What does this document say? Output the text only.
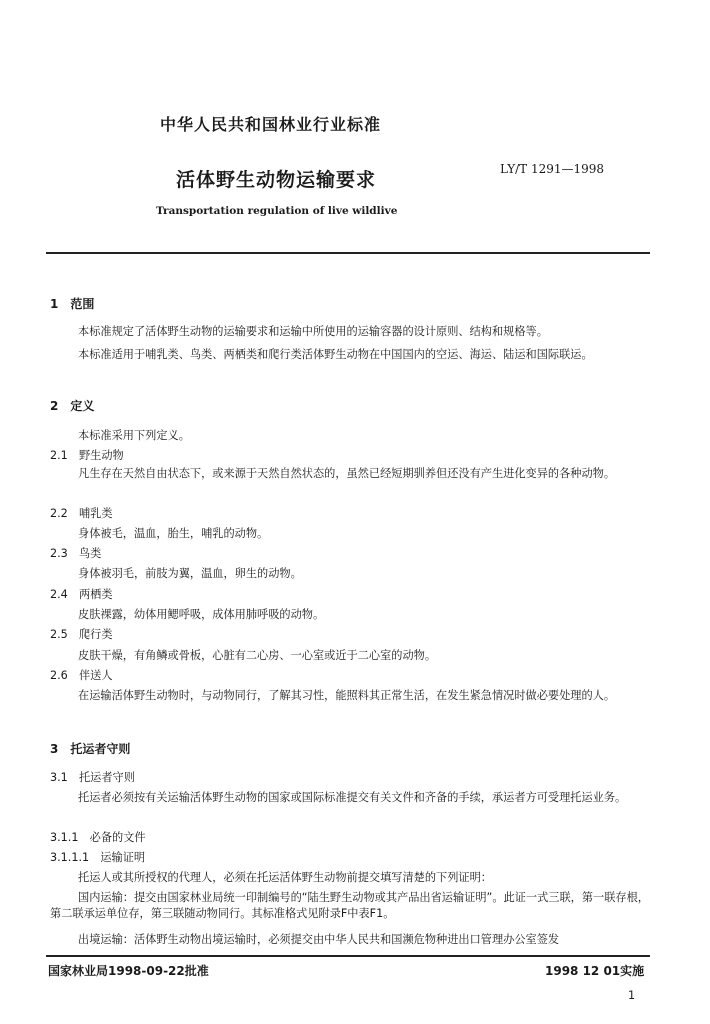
中华人民共和国林业行业标准
活体野生动物运输要求	LY/T 1291—1998
Transportation regulation of live wildlive
1　范围
本标准规定了活体野生动物的运输要求和运输中所使用的运输容器的设计原则、结构和规格等。
本标准适用于哺乳类、鸟类、两栖类和爬行类活体野生动物在中国国内的空运、海运、陆运和国际联运。
2　定义
本标准采用下列定义。
2.1　野生动物
凡生存在天然自由状态下，或来源于天然自然状态的，虽然已经短期驯养但还没有产生进化变异的各种动物。
2.2　哺乳类
身体被毛，温血，胎生，哺乳的动物。
2.3　鸟类
身体被羽毛，前肢为翼，温血，卵生的动物。
2.4　两栖类
皮肤裸露，幼体用鳃呼吸，成体用肺呼吸的动物。
2.5　爬行类
皮肤干燥，有角鳞或骨板，心脏有二心房、一心室或近于二心室的动物。
2.6　伴送人
在运输活体野生动物时，与动物同行，了解其习性，能照料其正常生活，在发生紧急情况时做必要处理的人。
3　托运者守则
3.1　托运者守则
托运者必须按有关运输活体野生动物的国家或国际标准提交有关文件和齐备的手续，承运者方可受理托运业务。
3.1.1　必备的文件
3.1.1.1　运输证明
托运人或其所授权的代理人，必须在托运活体野生动物前提交填写清楚的下列证明：
国内运输：提交由国家林业局统一印制编号的“陆生野生动物或其产品出省运输证明”。此证一式三联，第一联存根，第二联承运单位存，第三联随动物同行。其标准格式见附录F中表F1。
出境运输：活体野生动物出境运输时，必须提交由中华人民共和国濒危物种进出口管理办公室签发
国家林业局1998-09-22批准	1998 12 01实施
1
